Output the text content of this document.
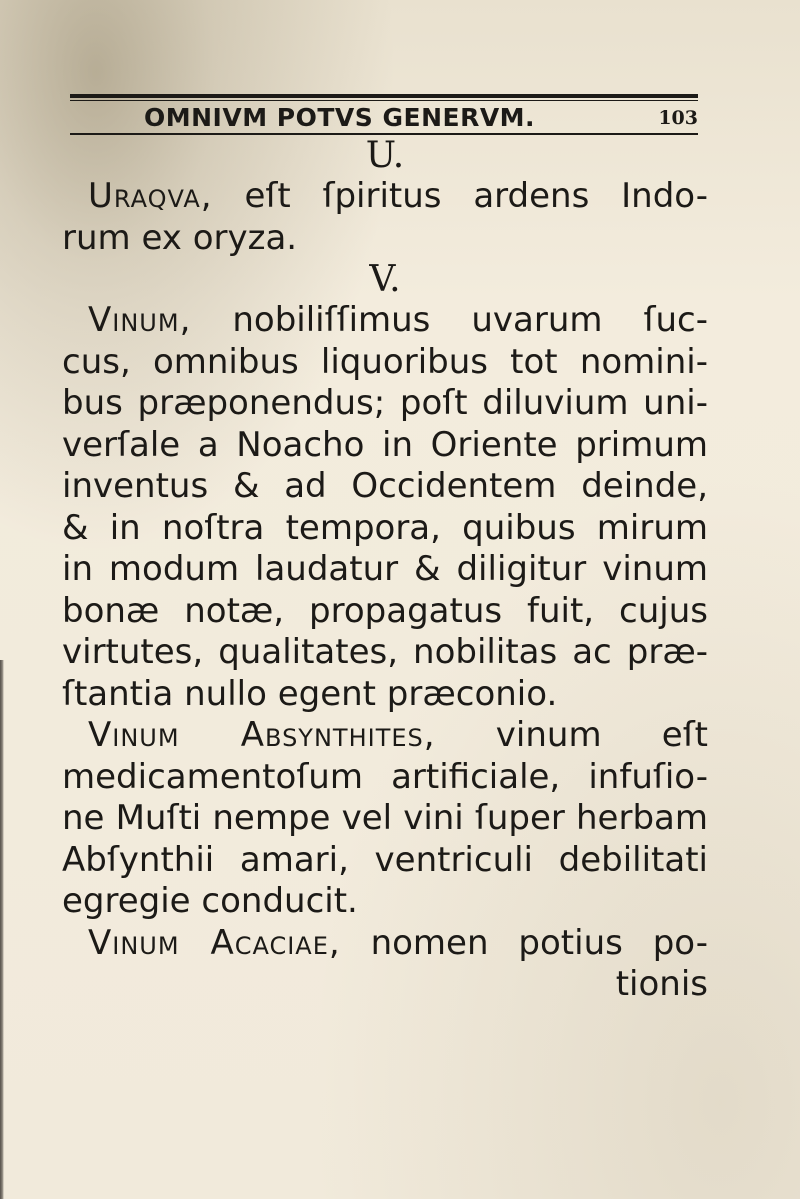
OMNIVM POTVS GENERVM.	103

U.

Uraqva, eſt ſpiritus ardens Indo-
rum ex oryza.

V.

Vinum, nobiliſſimus uvarum ſuc-
cus, omnibus liquoribus tot nomini-
bus præponendus; poſt diluvium uni-
verſale a Noacho in Oriente primum
inventus & ad Occidentem deinde,
& in noſtra tempora, quibus mirum
in modum laudatur & diligitur vinum
bonæ notæ, propagatus fuit, cujus
virtutes, qualitates, nobilitas ac præ-
ſtantia nullo egent præconio.

Vinum Absynthites, vinum eſt
medicamentoſum artificiale, infuſio-
ne Muſti nempe vel vini ſuper herbam
Abſynthii amari, ventriculi debilitati
egregie conducit.

Vinum Acaciae, nomen potius po-
tionis
